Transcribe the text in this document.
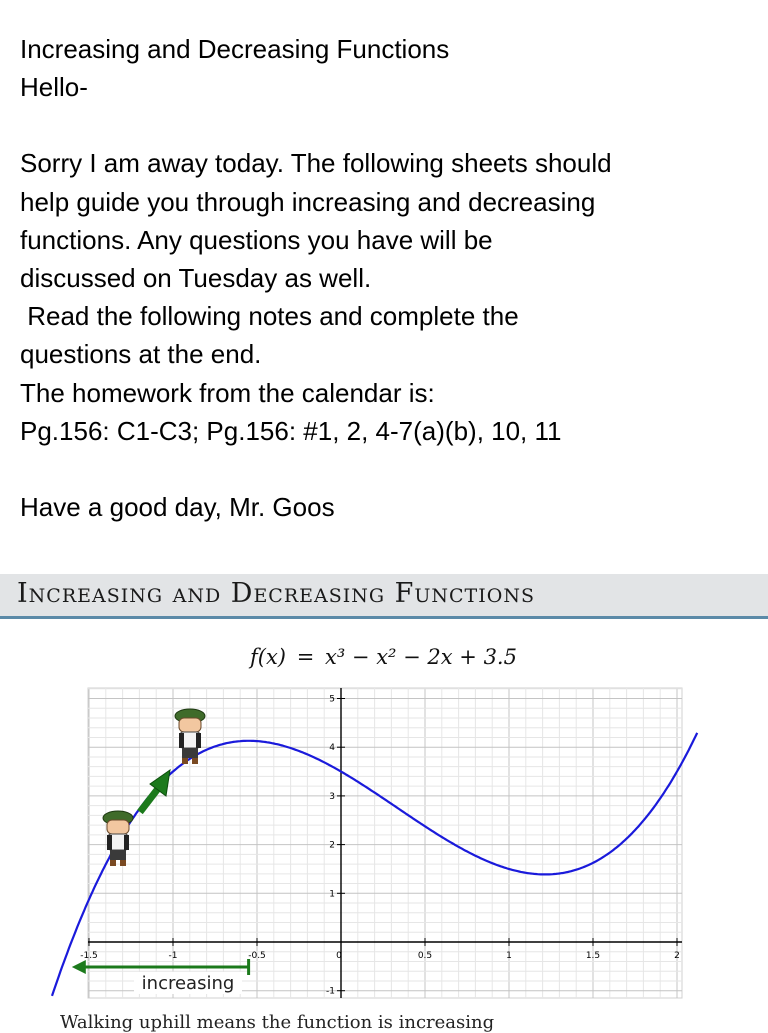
Increasing and Decreasing Functions

Hello-

Sorry I am away today. The following sheets should

help guide you through increasing and decreasing

functions. Any questions you have will be

discussed on Tuesday as well.

Read the following notes and complete the

questions at the end.

The homework from the calendar is:

Pg.156: C1-C3; Pg.156: #1, 2, 4-7(a)(b), 10, 11

Have a good day, Mr. Goos

Increasing and Decreasing Functions
f(x) = x³ − x² − 2x + 3.5
-1.5	-1	-0.5	0	0.5	1	1.5	2
-1
1
2
3
4
5
increasing
Walking uphill means the function is increasing
